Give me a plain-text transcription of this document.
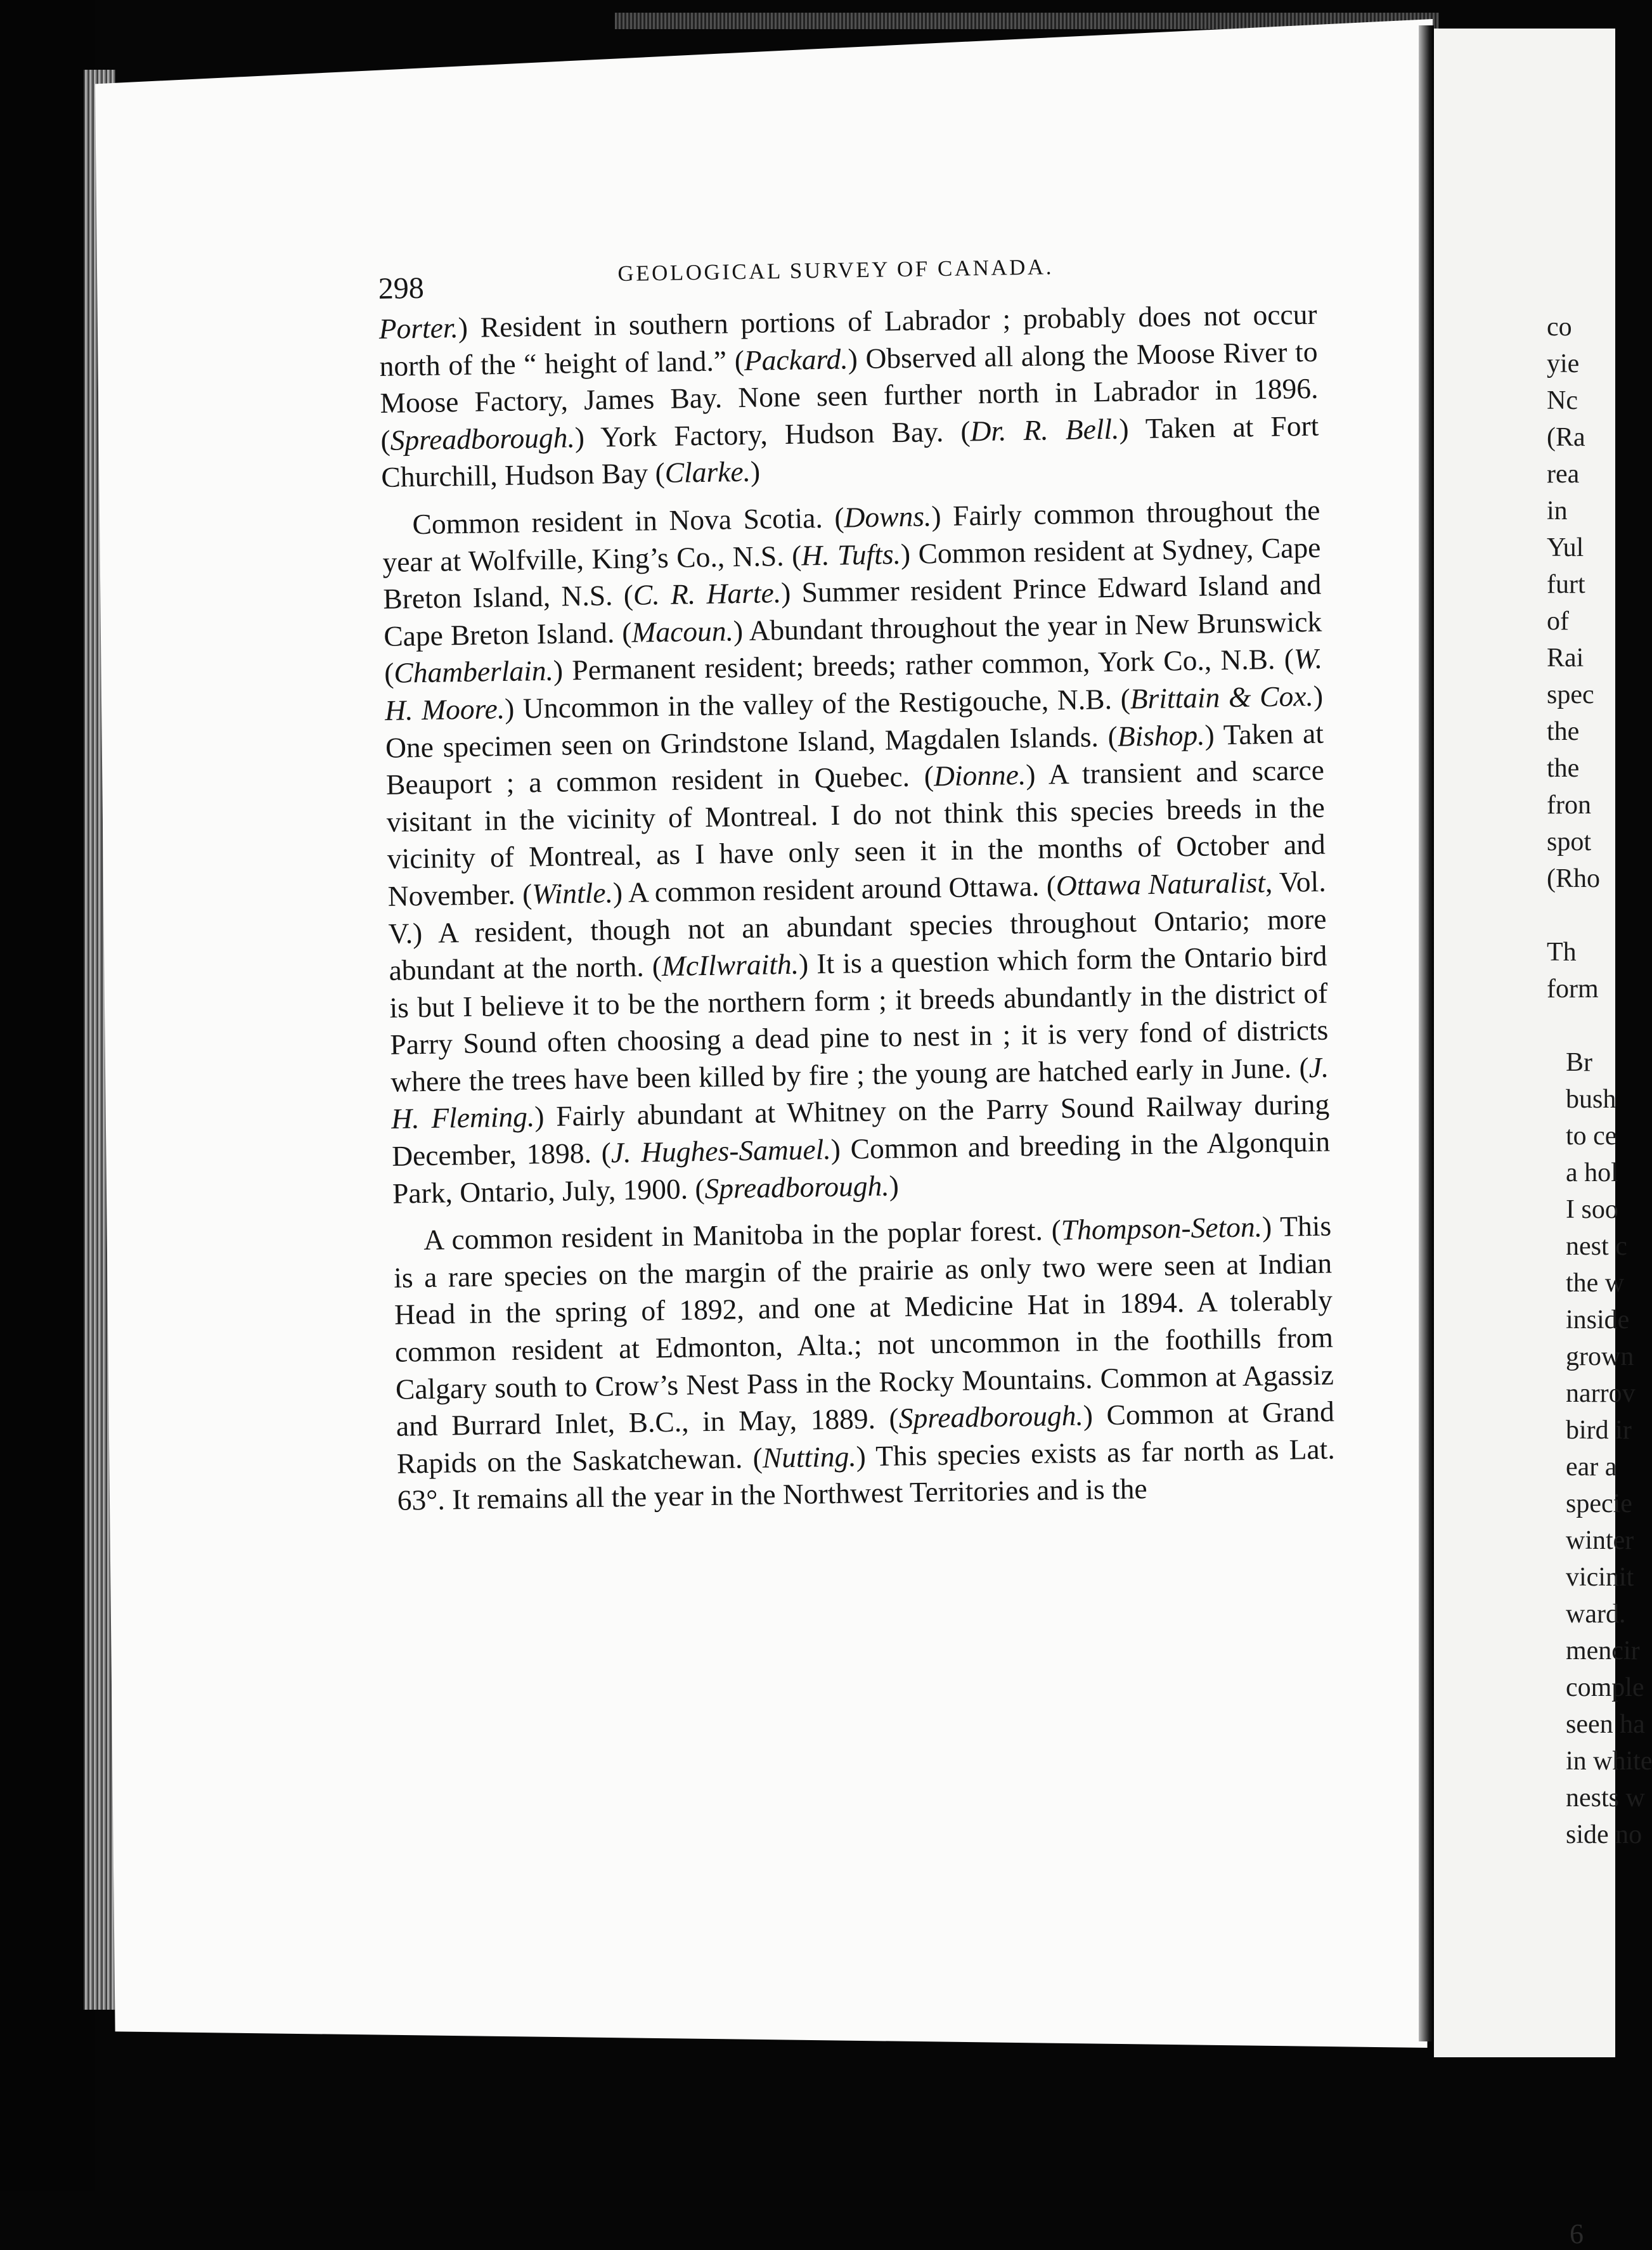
298
GEOLOGICAL SURVEY OF CANADA.

Porter.) Resident in southern portions of Labrador ; probably does not occur north of the “ height of land.” (Packard.) Observed all along the Moose River to Moose Factory, James Bay. None seen further north in Labrador in 1896. (Spreadborough.) York Factory, Hudson Bay. (Dr. R. Bell.) Taken at Fort Churchill, Hudson Bay (Clarke.)

Common resident in Nova Scotia. (Downs.) Fairly common throughout the year at Wolfville, King’s Co., N.S. (H. Tufts.) Common resident at Sydney, Cape Breton Island, N.S. (C. R. Harte.) Summer resident Prince Edward Island and Cape Breton Island. (Macoun.) Abundant throughout the year in New Brunswick (Chamberlain.) Permanent resident; breeds; rather common, York Co., N.B. (W. H. Moore.) Uncommon in the valley of the Restigouche, N.B. (Brittain & Cox.) One specimen seen on Grindstone Island, Magdalen Islands. (Bishop.) Taken at Beauport ; a common resident in Quebec. (Dionne.) A transient and scarce visitant in the vicinity of Montreal. I do not think this species breeds in the vicinity of Montreal, as I have only seen it in the months of October and November. (Wintle.) A common resident around Ottawa. (Ottawa Naturalist, Vol. V.) A resident, though not an abundant species throughout Ontario; more abundant at the north. (McIlwraith.) It is a question which form the Ontario bird is but I believe it to be the northern form ; it breeds abundantly in the district of Parry Sound often choosing a dead pine to nest in ; it is very fond of districts where the trees have been killed by fire ; the young are hatched early in June. (J. H. Fleming.) Fairly abundant at Whitney on the Parry Sound Railway during December, 1898. (J. Hughes-Samuel.) Common and breeding in the Algonquin Park, Ontario, July, 1900. (Spreadborough.)

A common resident in Manitoba in the poplar forest. (Thompson-Seton.) This is a rare species on the margin of the prairie as only two were seen at Indian Head in the spring of 1892, and one at Medicine Hat in 1894. A tolerably common resident at Edmonton, Alta.; not uncommon in the foothills from Calgary south to Crow’s Nest Pass in the Rocky Mountains. Common at Agassiz and Burrard Inlet, B.C., in May, 1889. (Spreadborough.) Common at Grand Rapids on the Saskatchewan. (Nutting.) This species exists as far north as Lat. 63°. It remains all the year in the Northwest Territories and is the

co
yie
Nc
(Ra
rea
in
Yul
furt
of
Rai
spec
the
the
fron
spot
(Rho
Th
form
Br
bush
to ce
a hol
I soo
nest c
the w
inside
grown
narrov
bird ir
ear a
specie
winter
vicinit
ward.
mencir
comple
seen ha
in white
nests w
side no
6
